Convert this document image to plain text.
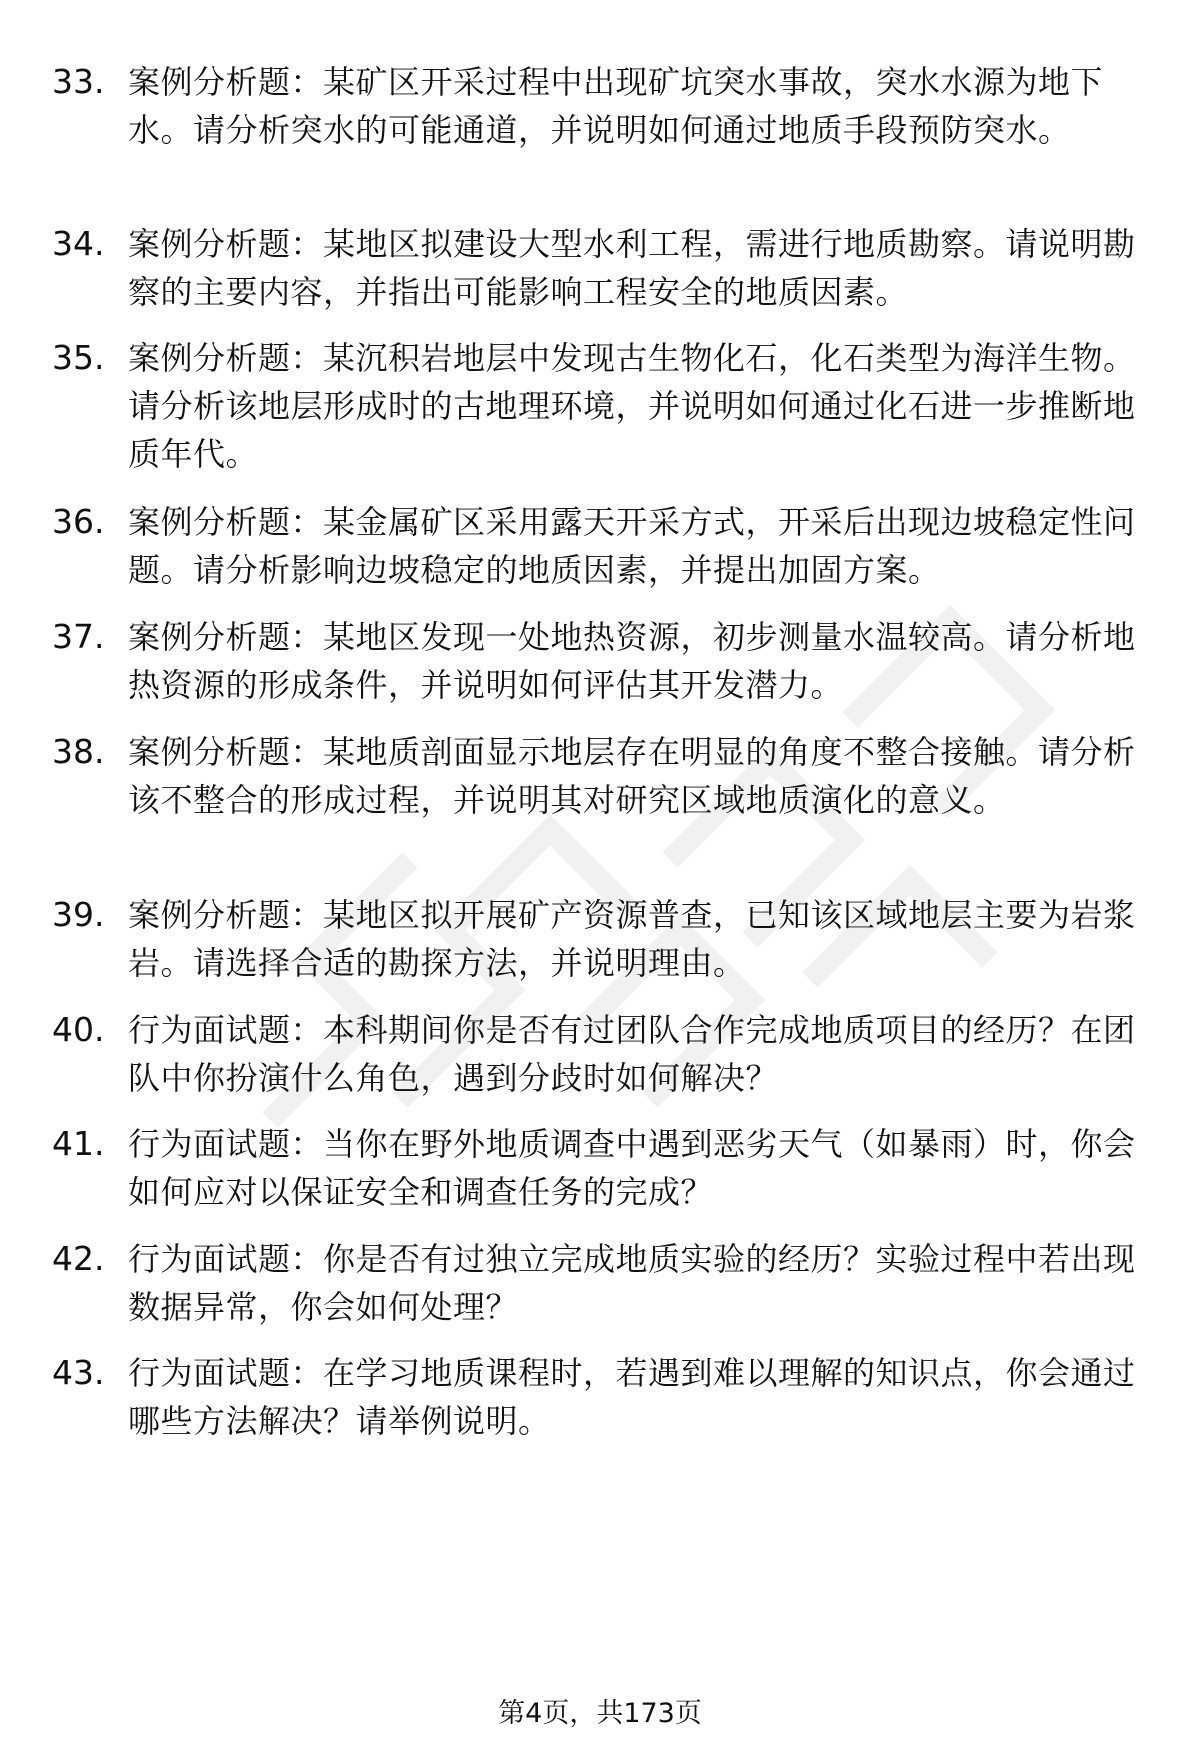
33. 案例分析题：某矿区开采过程中出现矿坑突水事故，突水水源为地下水。请分析突水的可能通道，并说明如何通过地质手段预防突水。
34. 案例分析题：某地区拟建设大型水利工程，需进行地质勘察。请说明勘察的主要内容，并指出可能影响工程安全的地质因素。
35. 案例分析题：某沉积岩地层中发现古生物化石，化石类型为海洋生物。请分析该地层形成时的古地理环境，并说明如何通过化石进一步推断地质年代。
36. 案例分析题：某金属矿区采用露天开采方式，开采后出现边坡稳定性问题。请分析影响边坡稳定的地质因素，并提出加固方案。
37. 案例分析题：某地区发现一处地热资源，初步测量水温较高。请分析地热资源的形成条件，并说明如何评估其开发潜力。
38. 案例分析题：某地质剖面显示地层存在明显的角度不整合接触。请分析该不整合的形成过程，并说明其对研究区域地质演化的意义。
39. 案例分析题：某地区拟开展矿产资源普查，已知该区域地层主要为岩浆岩。请选择合适的勘探方法，并说明理由。
40. 行为面试题：本科期间你是否有过团队合作完成地质项目的经历？在团队中你扮演什么角色，遇到分歧时如何解决？
41. 行为面试题：当你在野外地质调查中遇到恶劣天气（如暴雨）时，你会如何应对以保证安全和调查任务的完成？
42. 行为面试题：你是否有过独立完成地质实验的经历？实验过程中若出现数据异常，你会如何处理？
43. 行为面试题：在学习地质课程时，若遇到难以理解的知识点，你会通过哪些方法解决？请举例说明。
第4页，共173页
